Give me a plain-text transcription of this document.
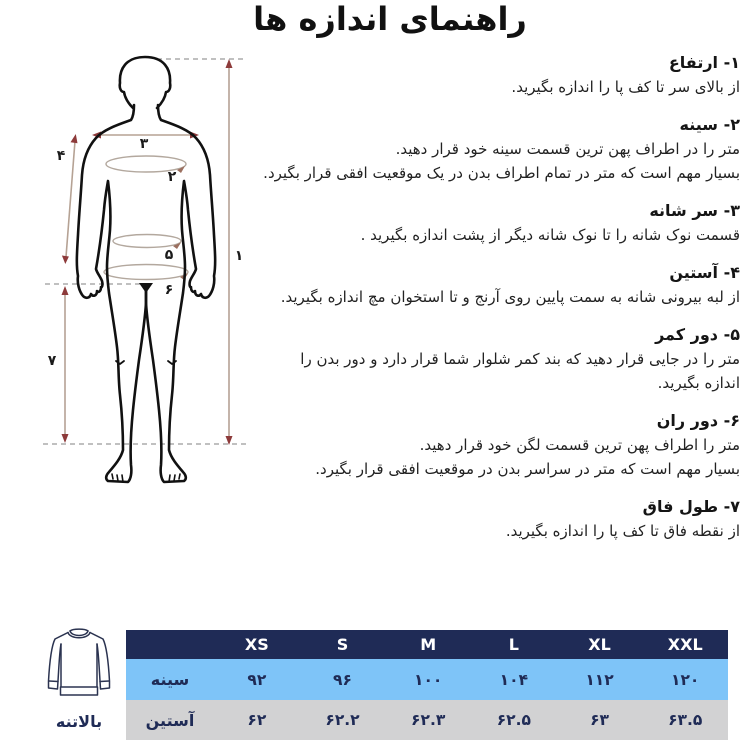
راهنمای اندازه ها
۱
۲
۳
۴
۵
۶
۷
۱- ارتفاع

از بالای سر تا کف پا را اندازه بگیرید.

۲- سینه

متر را در اطراف پهن ترین قسمت سینه خود قرار دهید.

بسیار مهم است که متر در تمام اطراف بدن در یک موقعیت افقی قرار بگیرد.

۳- سر شانه

قسمت نوک شانه را تا نوک شانه دیگر از پشت اندازه بگیرید .

۴- آستین

از لبه بیرونی شانه به سمت پایین روی آرنج و تا استخوان مچ اندازه بگیرید.

۵- دور کمر

متر را در جایی قرار دهید که بند کمر شلوار شما قرار دارد و دور بدن را

اندازه بگیرید.

۶- دور ران

متر را اطراف پهن ترین قسمت لگن خود قرار دهید.

بسیار مهم است که متر در سراسر بدن در موقعیت افقی قرار بگیرد.

۷- طول فاق

از نقطه فاق تا کف پا را اندازه بگیرید.

بالاتنه
XS	S	M	L	XL	XXL
سینه	۹۲	۹۶	۱۰۰	۱۰۴	۱۱۲	۱۲۰
آستین	۶۲	۶۲.۲	۶۲.۳	۶۲.۵	۶۳	۶۳.۵
